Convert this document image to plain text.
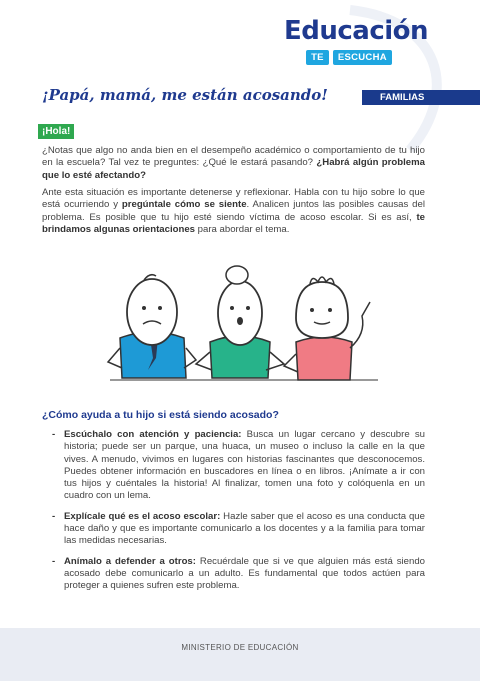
Educación
TE	ESCUCHA
¡Papá, mamá, me están acosando!	FAMILIAS
¡Hola!
¿Notas que algo no anda bien en el desempeño académico o comportamiento de tu hijo en la escuela? Tal vez te preguntes: ¿Qué le estará pasando? ¿Habrá algún problema que lo esté afectando?
Ante esta situación es importante detenerse y reflexionar. Habla con tu hijo sobre lo que está ocurriendo y pregúntale cómo se siente. Analicen juntos las posibles causas del problema. Es posible que tu hijo esté siendo víctima de acoso escolar. Si es así, te brindamos algunas orientaciones para abordar el tema.
¿Cómo ayuda a tu hijo si está siendo acosado?
- Escúchalo con atención y paciencia: Busca un lugar cercano y descubre su historia; puede ser un parque, una huaca, un museo o incluso la calle en la que vives. A menudo, vivimos en lugares con historias fascinantes que desconocemos. Puedes obtener información en buscadores en línea o en libros. ¡Anímate a ir con tus hijos y cuéntales la historia! Al finalizar, tomen una foto y colóquenla en un cuadro con un lema.
- Explícale qué es el acoso escolar: Hazle saber que el acoso es una conducta que hace daño y que es importante comunicarlo a los docentes y a la familia para tomar las medidas necesarias.
- Anímalo a defender a otros: Recuérdale que si ve que alguien más está siendo acosado debe comunicarlo a un adulto. Es fundamental que todos actúen para proteger a quienes sufren este problema.
MINISTERIO DE EDUCACIÓN
